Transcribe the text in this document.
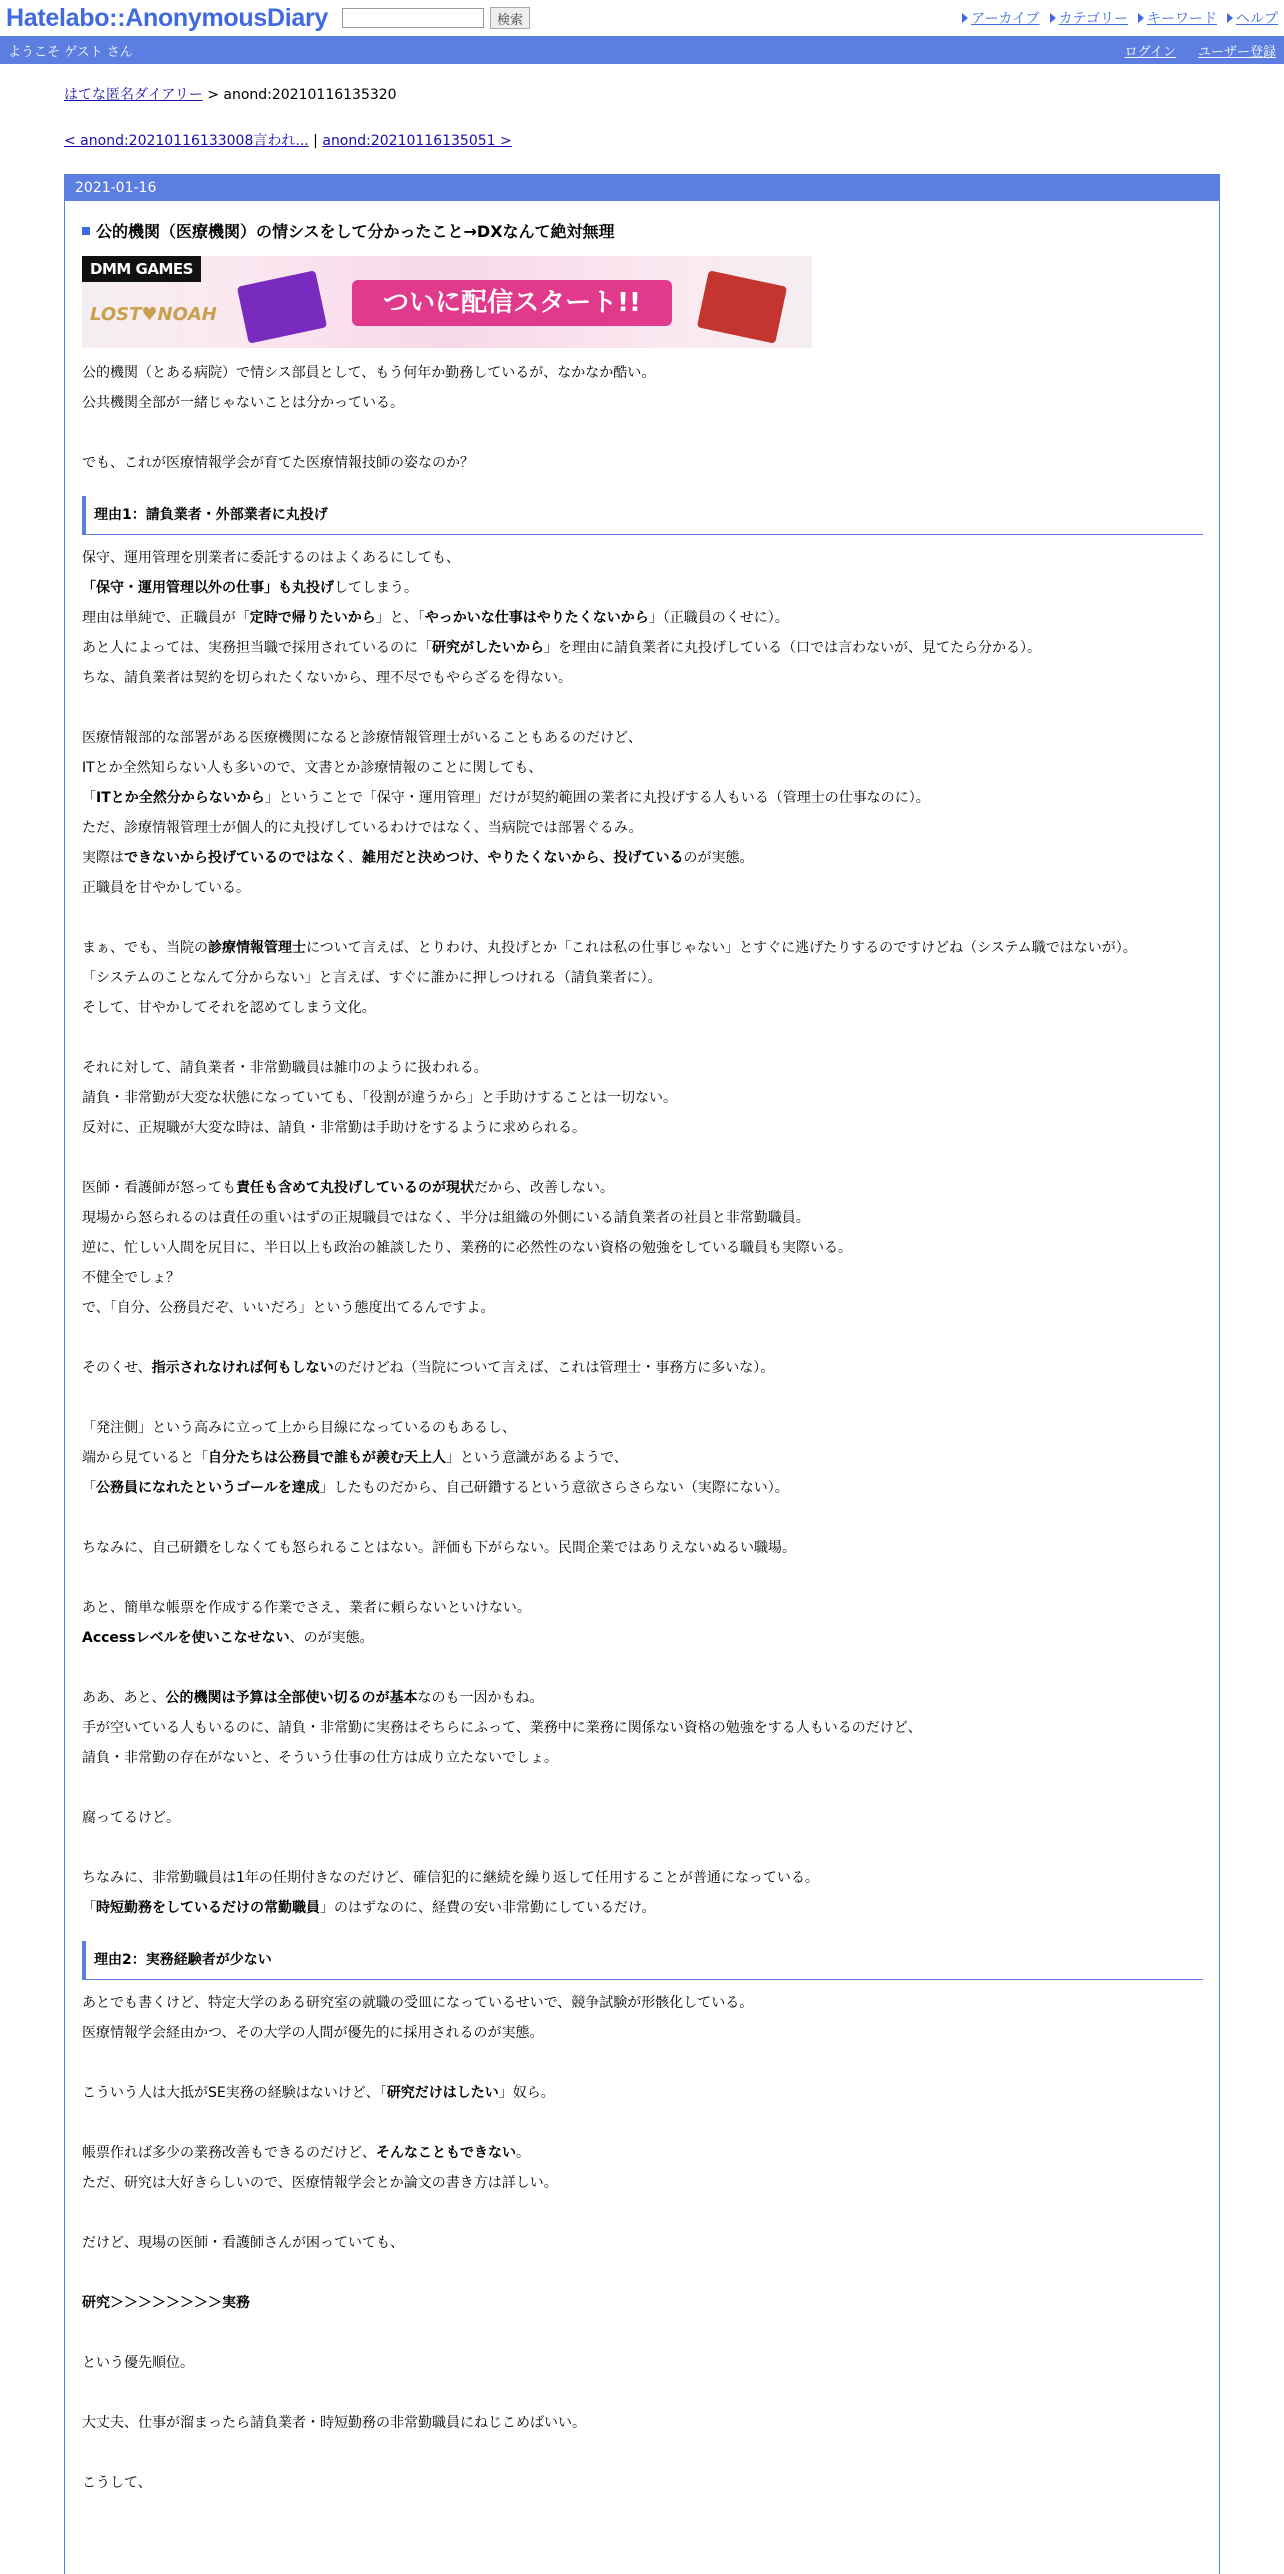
Hatelabo::AnonymousDiary	検索	アーカイブ カテゴリー キーワード ヘルプ
ようこそ ゲスト さん	ログイン ユーザー登録
はてな匿名ダイアリー > anond:20210116135320
< anond:20210116133008言われ... | anond:20210116135051 >
2021-01-16
公的機関（医療機関）の情シスをして分かったこと→DXなんて絶対無理
DMM GAMES
LOST♥NOAH	ついに配信スタート!!

公的機関（とある病院）で情シス部員として、もう何年か勤務しているが、なかなか酷い。

公共機関全部が一緒じゃないことは分かっている。

でも、これが医療情報学会が育てた医療情報技師の姿なのか？

理由1：請負業者・外部業者に丸投げ

保守、運用管理を別業者に委託するのはよくあるにしても、

「保守・運用管理以外の仕事」も丸投げしてしまう。

理由は単純で、正職員が「定時で帰りたいから」と、「やっかいな仕事はやりたくないから」（正職員のくせに）。

あと人によっては、実務担当職で採用されているのに「研究がしたいから」を理由に請負業者に丸投げしている（口では言わないが、見てたら分かる）。

ちな、請負業者は契約を切られたくないから、理不尽でもやらざるを得ない。

医療情報部的な部署がある医療機関になると診療情報管理士がいることもあるのだけど、

ITとか全然知らない人も多いので、文書とか診療情報のことに関しても、

「ITとか全然分からないから」ということで「保守・運用管理」だけが契約範囲の業者に丸投げする人もいる（管理士の仕事なのに）。

ただ、診療情報管理士が個人的に丸投げしているわけではなく、当病院では部署ぐるみ。

実際はできないから投げているのではなく、雑用だと決めつけ、やりたくないから、投げているのが実態。

正職員を甘やかしている。

まぁ、でも、当院の診療情報管理士について言えば、とりわけ、丸投げとか「これは私の仕事じゃない」とすぐに逃げたりするのですけどね（システム職ではないが）。

「システムのことなんて分からない」と言えば、すぐに誰かに押しつけれる（請負業者に）。

そして、甘やかしてそれを認めてしまう文化。

それに対して、請負業者・非常勤職員は雑巾のように扱われる。

請負・非常勤が大変な状態になっていても、「役割が違うから」と手助けすることは一切ない。

反対に、正規職が大変な時は、請負・非常勤は手助けをするように求められる。

医師・看護師が怒っても責任も含めて丸投げしているのが現状だから、改善しない。

現場から怒られるのは責任の重いはずの正規職員ではなく、半分は組織の外側にいる請負業者の社員と非常勤職員。

逆に、忙しい人間を尻目に、半日以上も政治の雑談したり、業務的に必然性のない資格の勉強をしている職員も実際いる。

不健全でしょ？

で、「自分、公務員だぞ、いいだろ」という態度出てるんですよ。

そのくせ、指示されなければ何もしないのだけどね（当院について言えば、これは管理士・事務方に多いな）。

「発注側」という高みに立って上から目線になっているのもあるし、

端から見ていると「自分たちは公務員で誰もが羨む天上人」という意識があるようで、

「公務員になれたというゴールを達成」したものだから、自己研鑽するという意欲さらさらない（実際にない）。

ちなみに、自己研鑽をしなくても怒られることはない。評価も下がらない。民間企業ではありえないぬるい職場。

あと、簡単な帳票を作成する作業でさえ、業者に頼らないといけない。

Accessレベルを使いこなせない、のが実態。

ああ、あと、公的機関は予算は全部使い切るのが基本なのも一因かもね。

手が空いている人もいるのに、請負・非常勤に実務はそちらにふって、業務中に業務に関係ない資格の勉強をする人もいるのだけど、

請負・非常勤の存在がないと、そういう仕事の仕方は成り立たないでしょ。

腐ってるけど。

ちなみに、非常勤職員は1年の任期付きなのだけど、確信犯的に継続を繰り返して任用することが普通になっている。

「時短勤務をしているだけの常勤職員」のはずなのに、経費の安い非常勤にしているだけ。

理由2：実務経験者が少ない

あとでも書くけど、特定大学のある研究室の就職の受皿になっているせいで、競争試験が形骸化している。

医療情報学会経由かつ、その大学の人間が優先的に採用されるのが実態。

こういう人は大抵がSE実務の経験はないけど、「研究だけはしたい」奴ら。

帳票作れば多少の業務改善もできるのだけど、そんなこともできない。

ただ、研究は大好きらしいので、医療情報学会とか論文の書き方は詳しい。

だけど、現場の医師・看護師さんが困っていても、

研究＞＞＞＞＞＞＞＞実務

という優先順位。

大丈夫、仕事が溜まったら請負業者・時短勤務の非常勤職員にねじこめばいい。

こうして、
